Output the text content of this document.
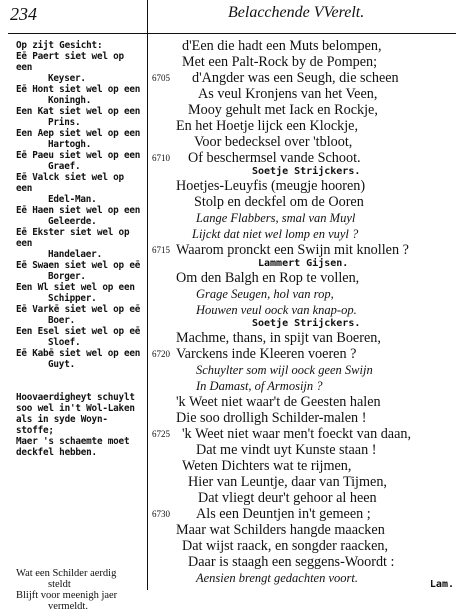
234	Belacchende VVerelt.
Op zijt Gesicht:
Eē Paert siet wel op een
Keyser.
Eē Hont siet wel op een
Koningh.
Een Kat siet wel op een
Prins.
Een Aep siet wel op een
Hartogh.
Eē Paeu siet wel op een
Graef.
Eē Valck siet wel op een
Edel-Man.
Eē Haen siet wel op een
Geleerde.
Eē Ekster siet wel op een
Handelaer.
Eē Swaen siet wel op eē
Borger.
Een Wl siet wel op een
Schipper.
Eē Varkē siet wel op eē
Boer.
Een Esel siet wel op eē
Sloef.
Eē Kabē siet wel op een
Guyt.
Hoovaerdigheyt schuylt
soo wel in't Wol-Laken
als in syde Woyn-stoffe;
Maer 's schaemte moet
deckfel hebben.
Wat een Schilder aerdig
steldt
Blijft voor meenigh jaer
vermeldt.
d'Een die hadt een Muts belompen,
Met een Palt-Rock by de Pompen;
6705 d'Angder was een Seugh, die scheen
As veul Kronjens van het Veen,
Mooy gehult met Iack en Rockje,
En het Hoetje lijck een Klockje,
Voor bedecksel over 'tbloot,
6710 Of beschermsel vande Schoot.
Soetje Strijckers.
Hoetjes-Leuyfis (meugje hooren)
Stolp en deckfel om de Ooren
Lange Flabbers, smal van Muyl
Lijckt dat niet wel lomp en vuyl ?
6715 Waarom pronckt een Swijn mit knollen ?
Lammert Gijsen.
Om den Balgh en Rop te vollen,
Grage Seugen, hol van rop,
Houwen veul oock van knap-op.
Soetje Strijckers.
Machme, thans, in spijt van Boeren,
6720 Varckens inde Kleeren voeren ?
Schuylter som wijl oock geen Swijn
In Damast, of Armosijn ?
'k Weet niet waar't de Geesten halen
Die soo drolligh Schilder-malen !
6725 'k Weet niet waar men't foeckt van daan,
Dat me vindt uyt Kunste staan !
Weten Dichters wat te rijmen,
Hier van Leuntje, daar van Tijmen,
Dat vliegt deur't gehoor al heen
6730 Als een Deuntjen in't gemeen ;
Maar wat Schilders hangde maacken
Dat wijst raack, en songder raacken,
Daar is staagh een seggens-Woordt :
Aensien brengt gedachten voort.	Lam.
